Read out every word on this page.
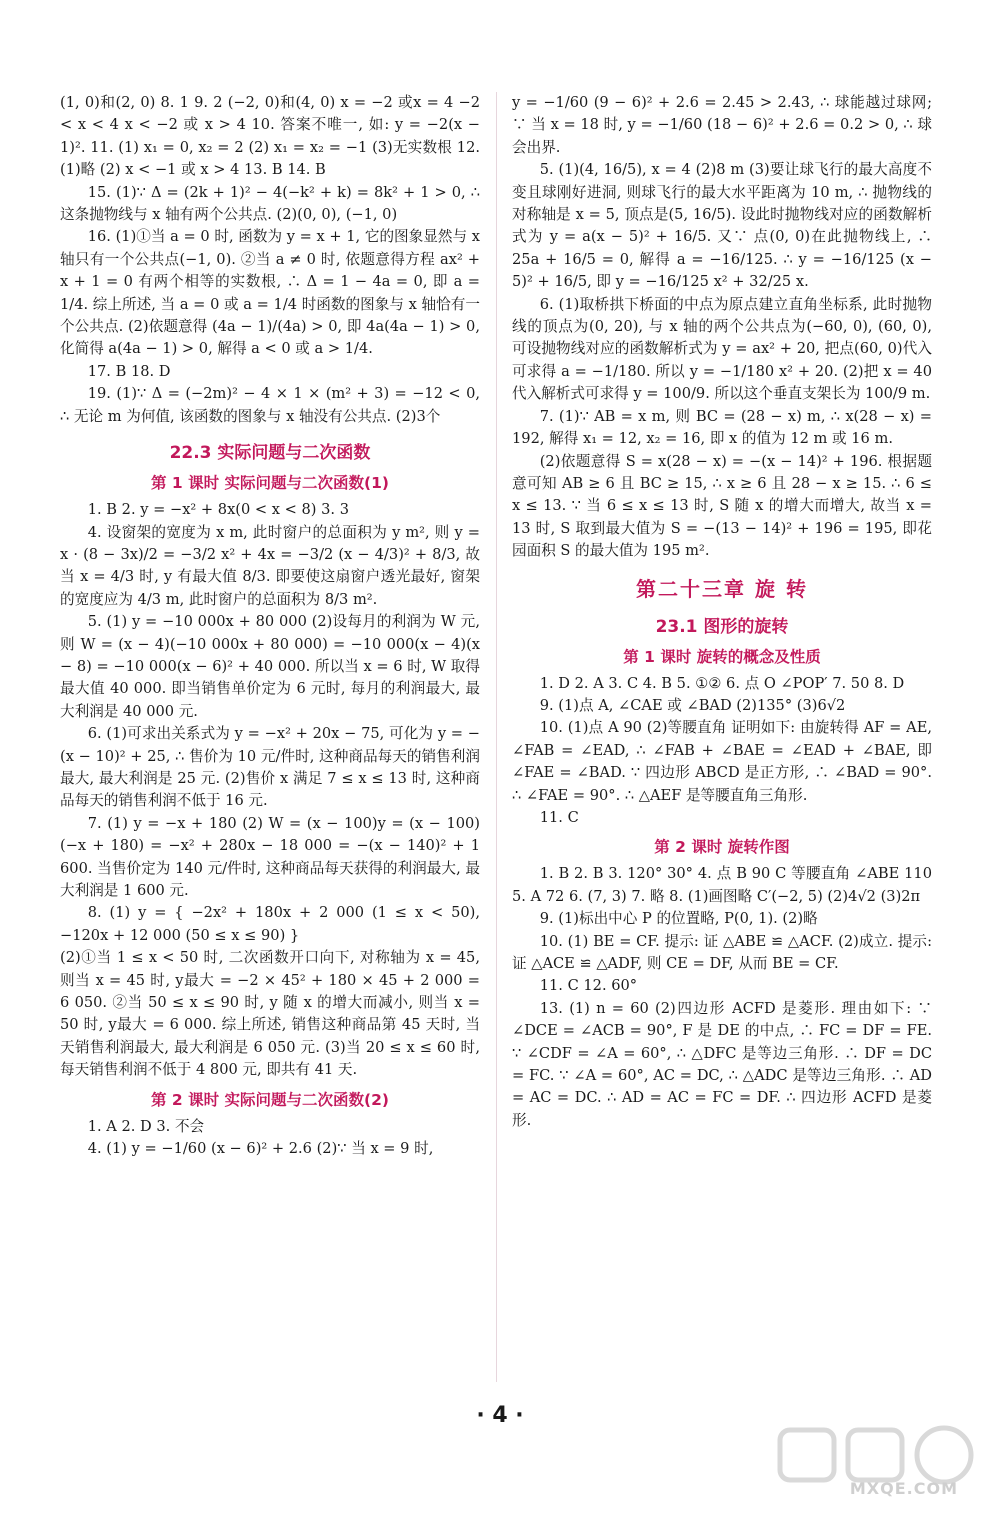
(1, 0)和(2, 0) 8. 1 9. 2 (−2, 0)和(4, 0) x = −2 或x = 4 −2 < x < 4 x < −2 或 x > 4 10. 答案不唯一, 如: y = −2(x − 1)². 11. (1) x₁ = 0, x₂ = 2 (2) x₁ = x₂ = −1 (3)无实数根 12. (1)略 (2) x < −1 或 x > 4 13. B 14. B

15. (1)∵ Δ = (2k + 1)² − 4(−k² + k) = 8k² + 1 > 0, ∴ 这条抛物线与 x 轴有两个公共点. (2)(0, 0), (−1, 0)

16. (1)①当 a = 0 时, 函数为 y = x + 1, 它的图象显然与 x 轴只有一个公共点(−1, 0). ②当 a ≠ 0 时, 依题意得方程 ax² + x + 1 = 0 有两个相等的实数根, ∴ Δ = 1 − 4a = 0, 即 a = 1/4. 综上所述, 当 a = 0 或 a = 1/4 时函数的图象与 x 轴恰有一个公共点. (2)依题意得 (4a − 1)/(4a) > 0, 即 4a(4a − 1) > 0, 化简得 a(4a − 1) > 0, 解得 a < 0 或 a > 1/4.

17. B 18. D

19. (1)∵ Δ = (−2m)² − 4 × 1 × (m² + 3) = −12 < 0, ∴ 无论 m 为何值, 该函数的图象与 x 轴没有公共点. (2)3个

22.3 实际问题与二次函数
第 1 课时 实际问题与二次函数(1)

1. B 2. y = −x² + 8x(0 < x < 8) 3. 3

4. 设窗架的宽度为 x m, 此时窗户的总面积为 y m², 则 y = x · (8 − 3x)/2 = −3/2 x² + 4x = −3/2 (x − 4/3)² + 8/3, 故当 x = 4/3 时, y 有最大值 8/3. 即要使这扇窗户透光最好, 窗架的宽度应为 4/3 m, 此时窗户的总面积为 8/3 m².

5. (1) y = −10 000x + 80 000 (2)设每月的利润为 W 元, 则 W = (x − 4)(−10 000x + 80 000) = −10 000(x − 4)(x − 8) = −10 000(x − 6)² + 40 000. 所以当 x = 6 时, W 取得最大值 40 000. 即当销售单价定为 6 元时, 每月的利润最大, 最大利润是 40 000 元.

6. (1)可求出关系式为 y = −x² + 20x − 75, 可化为 y = −(x − 10)² + 25, ∴ 售价为 10 元/件时, 这种商品每天的销售利润最大, 最大利润是 25 元. (2)售价 x 满足 7 ≤ x ≤ 13 时, 这种商品每天的销售利润不低于 16 元.

7. (1) y = −x + 180 (2) W = (x − 100)y = (x − 100)(−x + 180) = −x² + 280x − 18 000 = −(x − 140)² + 1 600. 当售价定为 140 元/件时, 这种商品每天获得的利润最大, 最大利润是 1 600 元.

8. (1) y = { −2x² + 180x + 2 000 (1 ≤ x < 50), −120x + 12 000 (50 ≤ x ≤ 90) }

(2)①当 1 ≤ x < 50 时, 二次函数开口向下, 对称轴为 x = 45, 则当 x = 45 时, y最大 = −2 × 45² + 180 × 45 + 2 000 = 6 050. ②当 50 ≤ x ≤ 90 时, y 随 x 的增大而减小, 则当 x = 50 时, y最大 = 6 000. 综上所述, 销售这种商品第 45 天时, 当天销售利润最大, 最大利润是 6 050 元. (3)当 20 ≤ x ≤ 60 时, 每天销售利润不低于 4 800 元, 即共有 41 天.

第 2 课时 实际问题与二次函数(2)

1. A 2. D 3. 不会

4. (1) y = −1/60 (x − 6)² + 2.6 (2)∵ 当 x = 9 时,

y = −1/60 (9 − 6)² + 2.6 = 2.45 > 2.43, ∴ 球能越过球网; ∵ 当 x = 18 时, y = −1/60 (18 − 6)² + 2.6 = 0.2 > 0, ∴ 球会出界.

5. (1)(4, 16/5), x = 4 (2)8 m (3)要让球飞行的最大高度不变且球刚好进洞, 则球飞行的最大水平距离为 10 m, ∴ 抛物线的对称轴是 x = 5, 顶点是(5, 16/5). 设此时抛物线对应的函数解析式为 y = a(x − 5)² + 16/5. 又∵ 点(0, 0)在此抛物线上, ∴ 25a + 16/5 = 0, 解得 a = −16/125. ∴ y = −16/125 (x − 5)² + 16/5, 即 y = −16/125 x² + 32/25 x.

6. (1)取桥拱下桥面的中点为原点建立直角坐标系, 此时抛物线的顶点为(0, 20), 与 x 轴的两个公共点为(−60, 0), (60, 0), 可设抛物线对应的函数解析式为 y = ax² + 20, 把点(60, 0)代入可求得 a = −1/180. 所以 y = −1/180 x² + 20. (2)把 x = 40 代入解析式可求得 y = 100/9. 所以这个垂直支架长为 100/9 m.

7. (1)∵ AB = x m, 则 BC = (28 − x) m, ∴ x(28 − x) = 192, 解得 x₁ = 12, x₂ = 16, 即 x 的值为 12 m 或 16 m.

(2)依题意得 S = x(28 − x) = −(x − 14)² + 196. 根据题意可知 AB ≥ 6 且 BC ≥ 15, ∴ x ≥ 6 且 28 − x ≥ 15. ∴ 6 ≤ x ≤ 13. ∵ 当 6 ≤ x ≤ 13 时, S 随 x 的增大而增大, 故当 x = 13 时, S 取到最大值为 S = −(13 − 14)² + 196 = 195, 即花园面积 S 的最大值为 195 m².

第二十三章 旋 转
23.1 图形的旋转
第 1 课时 旋转的概念及性质

1. D 2. A 3. C 4. B 5. ①② 6. 点 O ∠POP′ 7. 50 8. D

9. (1)点 A, ∠CAE 或 ∠BAD (2)135° (3)6√2

10. (1)点 A 90 (2)等腰直角 证明如下: 由旋转得 AF = AE, ∠FAB = ∠EAD, ∴ ∠FAB + ∠BAE = ∠EAD + ∠BAE, 即 ∠FAE = ∠BAD. ∵ 四边形 ABCD 是正方形, ∴ ∠BAD = 90°. ∴ ∠FAE = 90°. ∴ △AEF 是等腰直角三角形.

11. C

第 2 课时 旋转作图

1. B 2. B 3. 120° 30° 4. 点 B 90 C 等腰直角 ∠ABE 110 5. A 72 6. (7, 3) 7. 略 8. (1)画图略 C′(−2, 5) (2)4√2 (3)2π

9. (1)标出中心 P 的位置略, P(0, 1). (2)略

10. (1) BE = CF. 提示: 证 △ABE ≌ △ACF. (2)成立. 提示: 证 △ACE ≌ △ADF, 则 CE = DF, 从而 BE = CF.

11. C 12. 60°

13. (1) n = 60 (2)四边形 ACFD 是菱形. 理由如下: ∵ ∠DCE = ∠ACB = 90°, F 是 DE 的中点, ∴ FC = DF = FE. ∵ ∠CDF = ∠A = 60°, ∴ △DFC 是等边三角形. ∴ DF = DC = FC. ∵ ∠A = 60°, AC = DC, ∴ △ADC 是等边三角形. ∴ AD = AC = DC. ∴ AD = AC = FC = DF. ∴ 四边形 ACFD 是菱形.

· 4 ·
MXQE.COM
